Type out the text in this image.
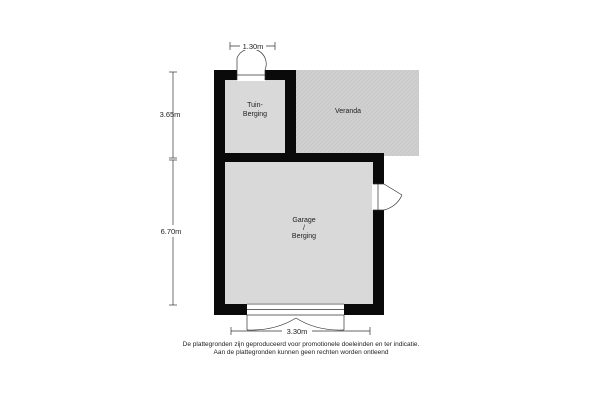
1.30m
3.65m
6.70m
3.30m
Tuin-
Berging	Veranda
Garage
/
Berging
De plattegronden zijn geproduceerd voor promotionele doeleinden en ter indicatie.
Aan de plattegronden kunnen geen rechten worden ontleend
